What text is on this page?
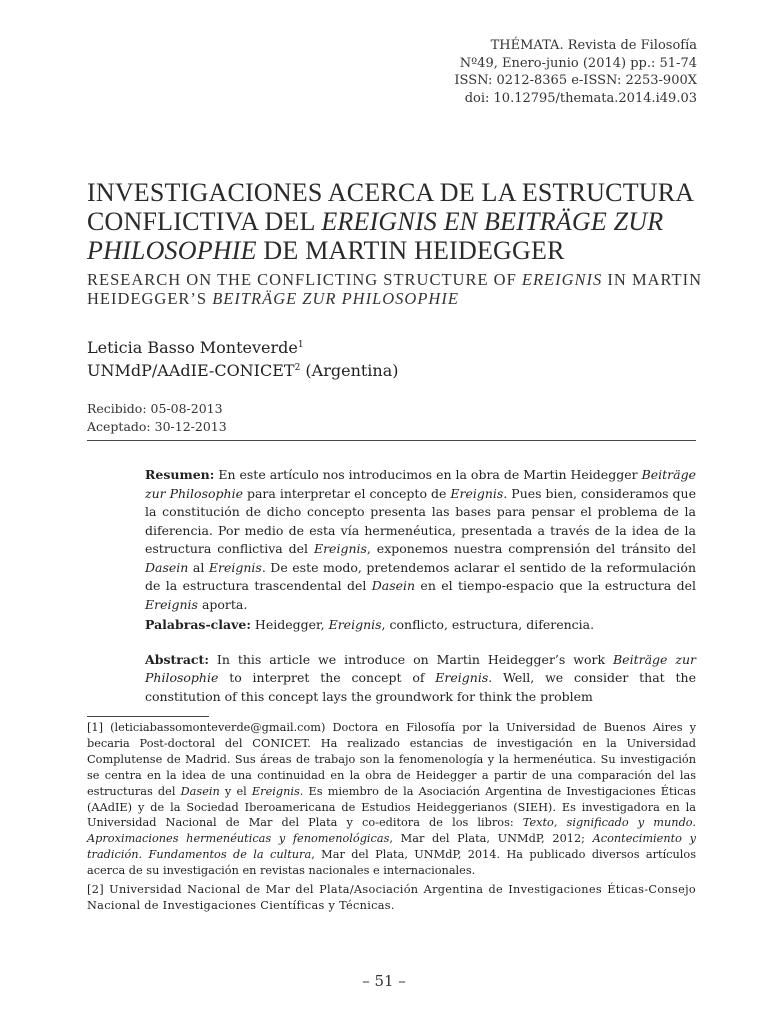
THÉMATA. Revista de Filosofía
Nº49, Enero-junio (2014) pp.: 51-74
ISSN: 0212-8365 e-ISSN: 2253-900X
doi: 10.12795/themata.2014.i49.03
INVESTIGACIONES ACERCA DE LA ESTRUCTURA CONFLICTIVA DEL EREIGNIS EN BEITRÄGE ZUR PHILOSOPHIE DE MARTIN HEIDEGGER
RESEARCH ON THE CONFLICTING STRUCTURE OF EREIGNIS IN MARTIN HEIDEGGER’S BEITRÄGE ZUR PHILOSOPHIE
Leticia Basso Monteverde$^1$
UNMdP/AAdIE-CONICET$^2$ (Argentina)
Recibido: 05-08-2013
Aceptado: 30-12-2013

Resumen: En este artículo nos introducimos en la obra de Martin Heidegger Beiträge zur Philosophie para interpretar el concepto de Ereignis. Pues bien, consideramos que la constitución de dicho concepto presenta las bases para pensar el problema de la diferencia. Por medio de esta vía hermenéutica, presentada a través de la idea de la estructura conflictiva del Ereignis, exponemos nuestra comprensión del tránsito del Dasein al Ereignis. De este modo, pretendemos aclarar el sentido de la reformulación de la estructura trascendental del Dasein en el tiempo-espacio que la estructura del Ereignis aporta.

Palabras-clave: Heidegger, Ereignis, conflicto, estructura, diferencia.

Abstract: In this article we introduce on Martin Heidegger’s work Beiträge zur Philosophie to interpret the concept of Ereignis. Well, we consider that the constitution of this concept lays the groundwork for think the problem

[1] (leticiabassomonteverde@gmail.com) Doctora en Filosofía por la Universidad de Buenos Aires y becaria Post-doctoral del CONICET. Ha realizado estancias de investigación en la Universidad Complutense de Madrid. Sus áreas de trabajo son la fenomenología y la hermenéutica. Su investigación se centra en la idea de una continuidad en la obra de Heidegger a partir de una comparación del las estructuras del Dasein y el Ereignis. Es miembro de la Asociación Argentina de Investigaciones Éticas (AAdIE) y de la Sociedad Iberoamericana de Estudios Heideggerianos (SIEH). Es investigadora en la Universidad Nacional de Mar del Plata y co-editora de los libros: Texto, significado y mundo. Aproximaciones hermenéuticas y fenomenológicas, Mar del Plata, UNMdP, 2012; Acontecimiento y tradición. Fundamentos de la cultura, Mar del Plata, UNMdP, 2014. Ha publicado diversos artículos acerca de su investigación en revistas nacionales e internacionales.

[2] Universidad Nacional de Mar del Plata/Asociación Argentina de Investigaciones Éticas-Consejo Nacional de Investigaciones Científicas y Técnicas.

– 51 –
